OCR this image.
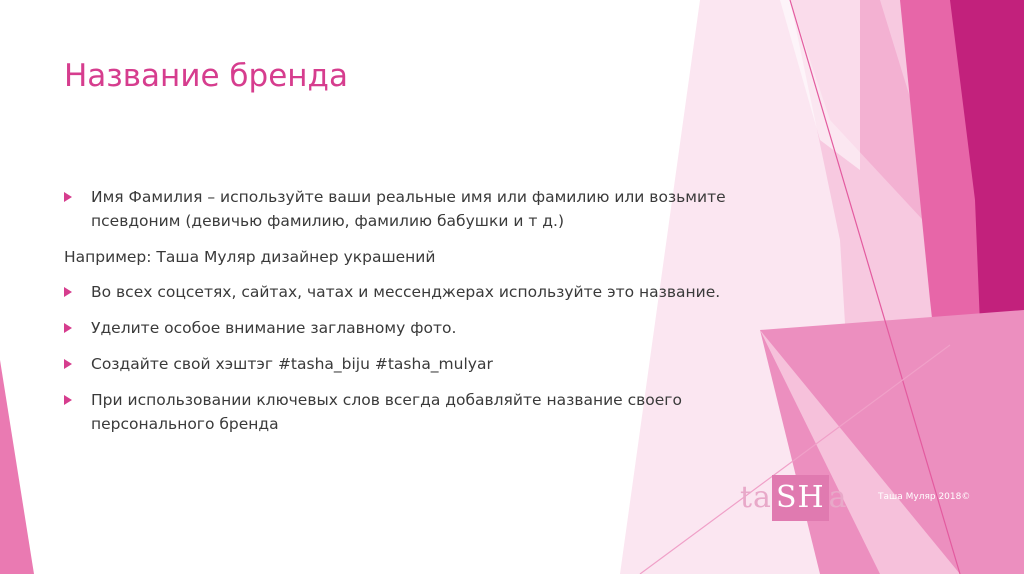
Название бренда
Имя Фамилия – используйте ваши реальные имя или фамилию или возьмите псевдоним (девичью фамилию, фамилию бабушки и т д.)
Например: Таша Муляр дизайнер украшений
Во всех соцсетях, сайтах, чатах и мессенджерах используйте это название.
Уделите особое внимание заглавному фото.
Создайте свой хэштэг #tasha_biju #tasha_mulyar
При использовании ключевых слов всегда добавляйте название своего персонального бренда
ta SH a	Таша Муляр 2018©
